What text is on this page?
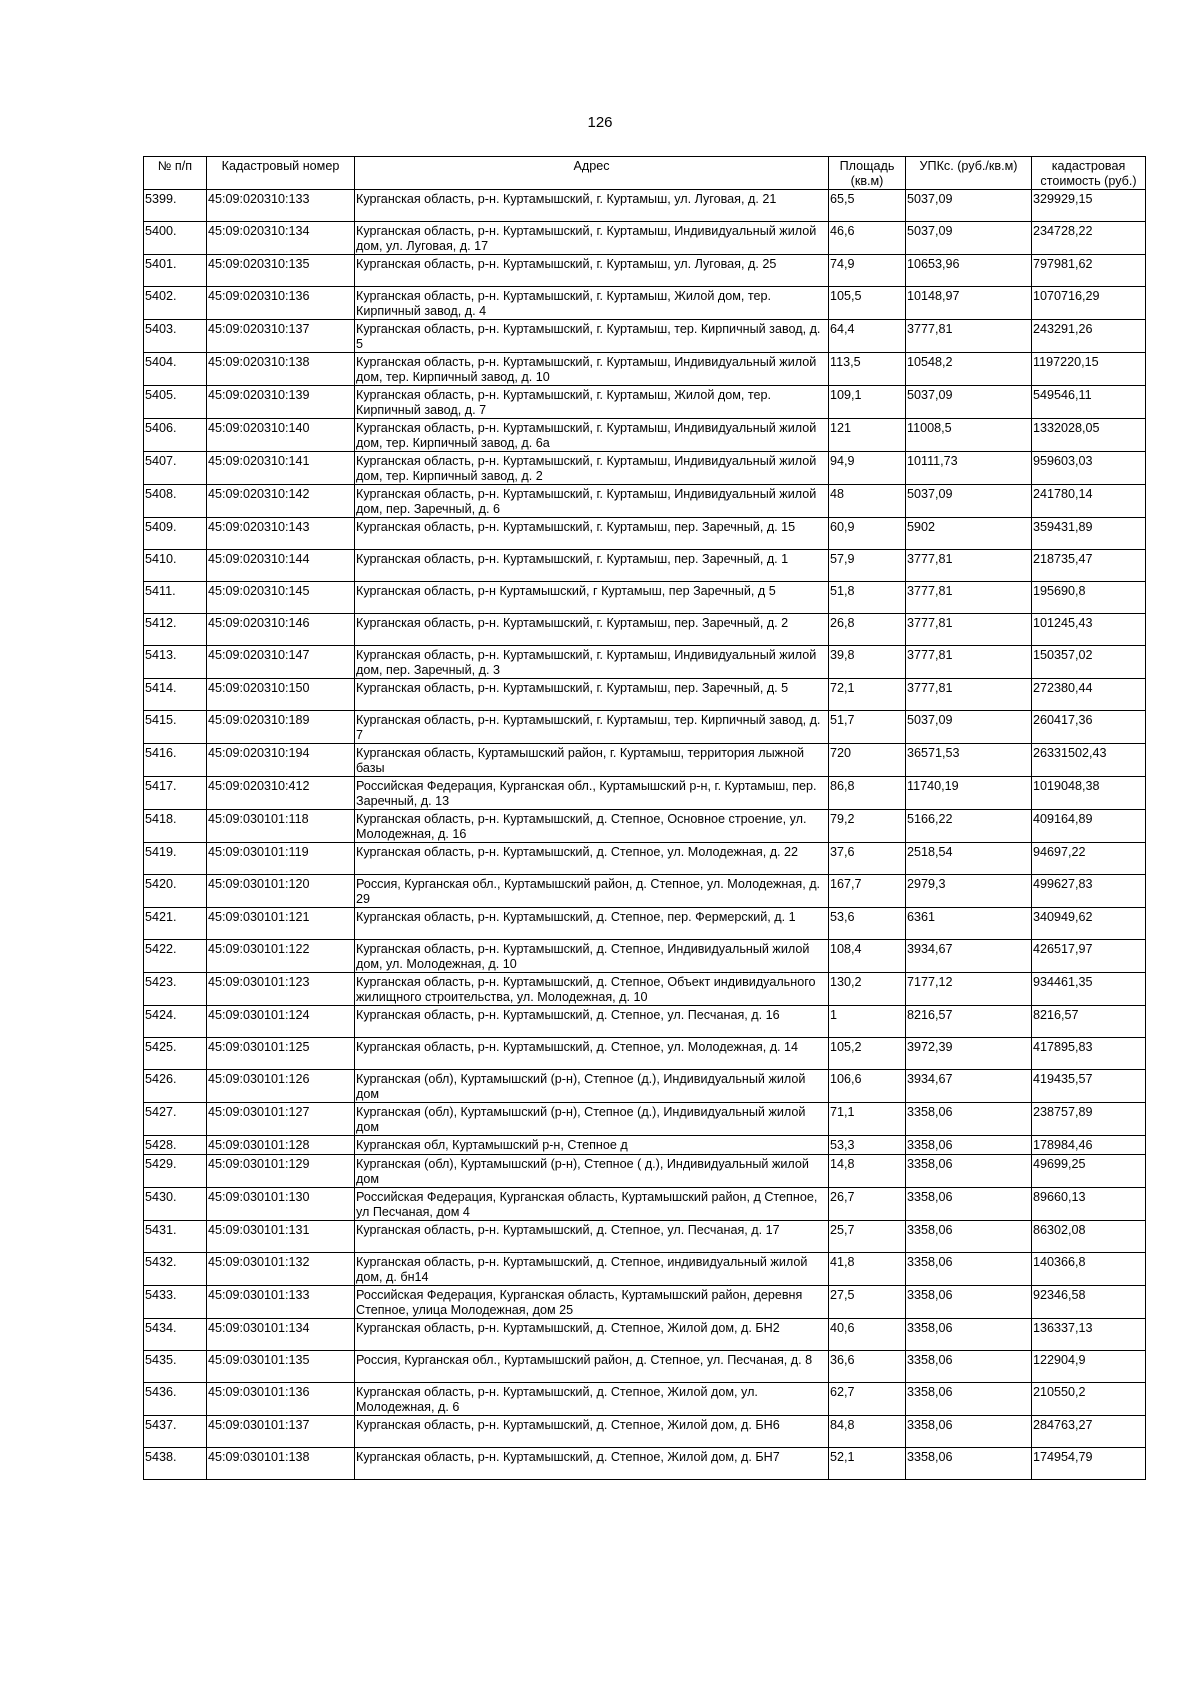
126
№ п/п	Кадастровый номер	Адрес	Площадь (кв.м)	УПКс. (руб./кв.м)	кадастровая стоимость (руб.)
5399.	45:09:020310:133	Курганская область, р-н. Куртамышский, г. Куртамыш, ул. Луговая, д. 21	65,5	5037,09	329929,15
5400.	45:09:020310:134	Курганская область, р-н. Куртамышский, г. Куртамыш, Индивидуальный жилой дом, ул. Луговая, д. 17	46,6	5037,09	234728,22
5401.	45:09:020310:135	Курганская область, р-н. Куртамышский, г. Куртамыш, ул. Луговая, д. 25	74,9	10653,96	797981,62
5402.	45:09:020310:136	Курганская область, р-н. Куртамышский, г. Куртамыш, Жилой дом, тер. Кирпичный завод, д. 4	105,5	10148,97	1070716,29
5403.	45:09:020310:137	Курганская область, р-н. Куртамышский, г. Куртамыш, тер. Кирпичный завод, д. 5	64,4	3777,81	243291,26
5404.	45:09:020310:138	Курганская область, р-н. Куртамышский, г. Куртамыш, Индивидуальный жилой дом, тер. Кирпичный завод, д. 10	113,5	10548,2	1197220,15
5405.	45:09:020310:139	Курганская область, р-н. Куртамышский, г. Куртамыш, Жилой дом, тер. Кирпичный завод, д. 7	109,1	5037,09	549546,11
5406.	45:09:020310:140	Курганская область, р-н. Куртамышский, г. Куртамыш, Индивидуальный жилой дом, тер. Кирпичный завод, д. 6а	121	11008,5	1332028,05
5407.	45:09:020310:141	Курганская область, р-н. Куртамышский, г. Куртамыш, Индивидуальный жилой дом, тер. Кирпичный завод, д. 2	94,9	10111,73	959603,03
5408.	45:09:020310:142	Курганская область, р-н. Куртамышский, г. Куртамыш, Индивидуальный жилой дом, пер. Заречный, д. 6	48	5037,09	241780,14
5409.	45:09:020310:143	Курганская область, р-н. Куртамышский, г. Куртамыш, пер. Заречный, д. 15	60,9	5902	359431,89
5410.	45:09:020310:144	Курганская область, р-н. Куртамышский, г. Куртамыш, пер. Заречный, д. 1	57,9	3777,81	218735,47
5411.	45:09:020310:145	Курганская область, р-н Куртамышский, г Куртамыш, пер Заречный, д 5	51,8	3777,81	195690,8
5412.	45:09:020310:146	Курганская область, р-н. Куртамышский, г. Куртамыш, пер. Заречный, д. 2	26,8	3777,81	101245,43
5413.	45:09:020310:147	Курганская область, р-н. Куртамышский, г. Куртамыш, Индивидуальный жилой дом, пер. Заречный, д. 3	39,8	3777,81	150357,02
5414.	45:09:020310:150	Курганская область, р-н. Куртамышский, г. Куртамыш, пер. Заречный, д. 5	72,1	3777,81	272380,44
5415.	45:09:020310:189	Курганская область, р-н. Куртамышский, г. Куртамыш, тер. Кирпичный завод, д. 7	51,7	5037,09	260417,36
5416.	45:09:020310:194	Курганская область, Куртамышский район, г. Куртамыш, территория лыжной базы	720	36571,53	26331502,43
5417.	45:09:020310:412	Российская Федерация, Курганская обл., Куртамышский р-н, г. Куртамыш, пер. Заречный, д. 13	86,8	11740,19	1019048,38
5418.	45:09:030101:118	Курганская область, р-н. Куртамышский, д. Степное, Основное строение, ул. Молодежная, д. 16	79,2	5166,22	409164,89
5419.	45:09:030101:119	Курганская область, р-н. Куртамышский, д. Степное, ул. Молодежная, д. 22	37,6	2518,54	94697,22
5420.	45:09:030101:120	Россия, Курганская обл., Куртамышский район, д. Степное, ул. Молодежная, д. 29	167,7	2979,3	499627,83
5421.	45:09:030101:121	Курганская область, р-н. Куртамышский, д. Степное, пер. Фермерский, д. 1	53,6	6361	340949,62
5422.	45:09:030101:122	Курганская область, р-н. Куртамышский, д. Степное, Индивидуальный жилой дом, ул. Молодежная, д. 10	108,4	3934,67	426517,97
5423.	45:09:030101:123	Курганская область, р-н. Куртамышский, д. Степное, Объект индивидуального жилищного строительства, ул. Молодежная, д. 10	130,2	7177,12	934461,35
5424.	45:09:030101:124	Курганская область, р-н. Куртамышский, д. Степное, ул. Песчаная, д. 16	1	8216,57	8216,57
5425.	45:09:030101:125	Курганская область, р-н. Куртамышский, д. Степное, ул. Молодежная, д. 14	105,2	3972,39	417895,83
5426.	45:09:030101:126	Курганская (обл), Куртамышский (р-н), Степное (д.), Индивидуальный жилой дом	106,6	3934,67	419435,57
5427.	45:09:030101:127	Курганская (обл), Куртамышский (р-н), Степное (д.), Индивидуальный жилой дом	71,1	3358,06	238757,89
5428.	45:09:030101:128	Курганская обл, Куртамышский р-н, Степное д	53,3	3358,06	178984,46
5429.	45:09:030101:129	Курганская (обл), Куртамышский (р-н), Степное ( д.), Индивидуальный жилой дом	14,8	3358,06	49699,25
5430.	45:09:030101:130	Российская Федерация, Курганская область, Куртамышский район, д Степное, ул Песчаная, дом 4	26,7	3358,06	89660,13
5431.	45:09:030101:131	Курганская область, р-н. Куртамышский, д. Степное, ул. Песчаная, д. 17	25,7	3358,06	86302,08
5432.	45:09:030101:132	Курганская область, р-н. Куртамышский, д. Степное, индивидуальный жилой дом, д. бн14	41,8	3358,06	140366,8
5433.	45:09:030101:133	Российская Федерация, Курганская область, Куртамышский район, деревня Степное, улица Молодежная, дом 25	27,5	3358,06	92346,58
5434.	45:09:030101:134	Курганская область, р-н. Куртамышский, д. Степное, Жилой дом, д. БН2	40,6	3358,06	136337,13
5435.	45:09:030101:135	Россия, Курганская обл., Куртамышский район, д. Степное, ул. Песчаная, д. 8	36,6	3358,06	122904,9
5436.	45:09:030101:136	Курганская область, р-н. Куртамышский, д. Степное, Жилой дом, ул. Молодежная, д. 6	62,7	3358,06	210550,2
5437.	45:09:030101:137	Курганская область, р-н. Куртамышский, д. Степное, Жилой дом, д. БН6	84,8	3358,06	284763,27
5438.	45:09:030101:138	Курганская область, р-н. Куртамышский, д. Степное, Жилой дом, д. БН7	52,1	3358,06	174954,79
